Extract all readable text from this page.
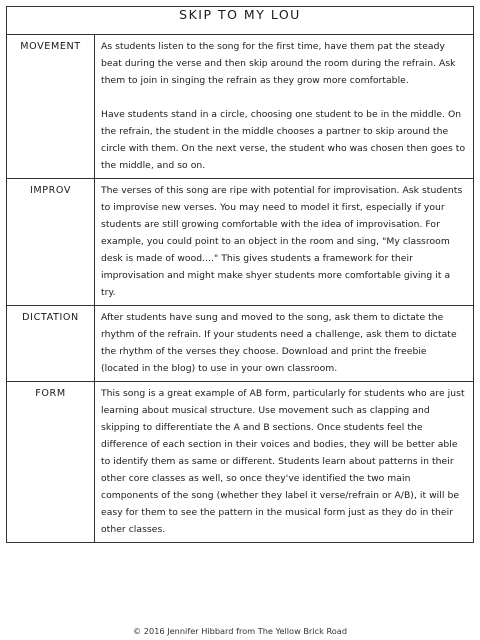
SKIP TO MY LOU	
MOVEMENT	As students listen to the song for the first time, have them pat the steady beat during the verse and then skip around the room during the refrain. Ask them to join in singing the refrain as they grow more comfortable.

Have students stand in a circle, choosing one student to be in the middle. On the refrain, the student in the middle chooses a partner to skip around the circle with them. On the next verse, the student who was chosen then goes to the middle, and so on.

IMPROV	The verses of this song are ripe with potential for improvisation. Ask students to improvise new verses. You may need to model it first, especially if your students are still growing comfortable with the idea of improvisation. For example, you could point to an object in the room and sing, "My classroom desk is made of wood...." This gives students a framework for their improvisation and might make shyer students more comfortable giving it a try.

DICTATION	After students have sung and moved to the song, ask them to dictate the rhythm of the refrain. If your students need a challenge, ask them to dictate the rhythm of the verses they choose. Download and print the freebie (located in the blog) to use in your own classroom.

FORM	This song is a great example of AB form, particularly for students who are just learning about musical structure. Use movement such as clapping and skipping to differentiate the A and B sections. Once students feel the difference of each section in their voices and bodies, they will be better able to identify them as same or different. Students learn about patterns in their other core classes as well, so once they've identified the two main components of the song (whether they label it verse/refrain or A/B), it will be easy for them to see the pattern in the musical form just as they do in their other classes.

© 2016 Jennifer Hibbard from The Yellow Brick Road
